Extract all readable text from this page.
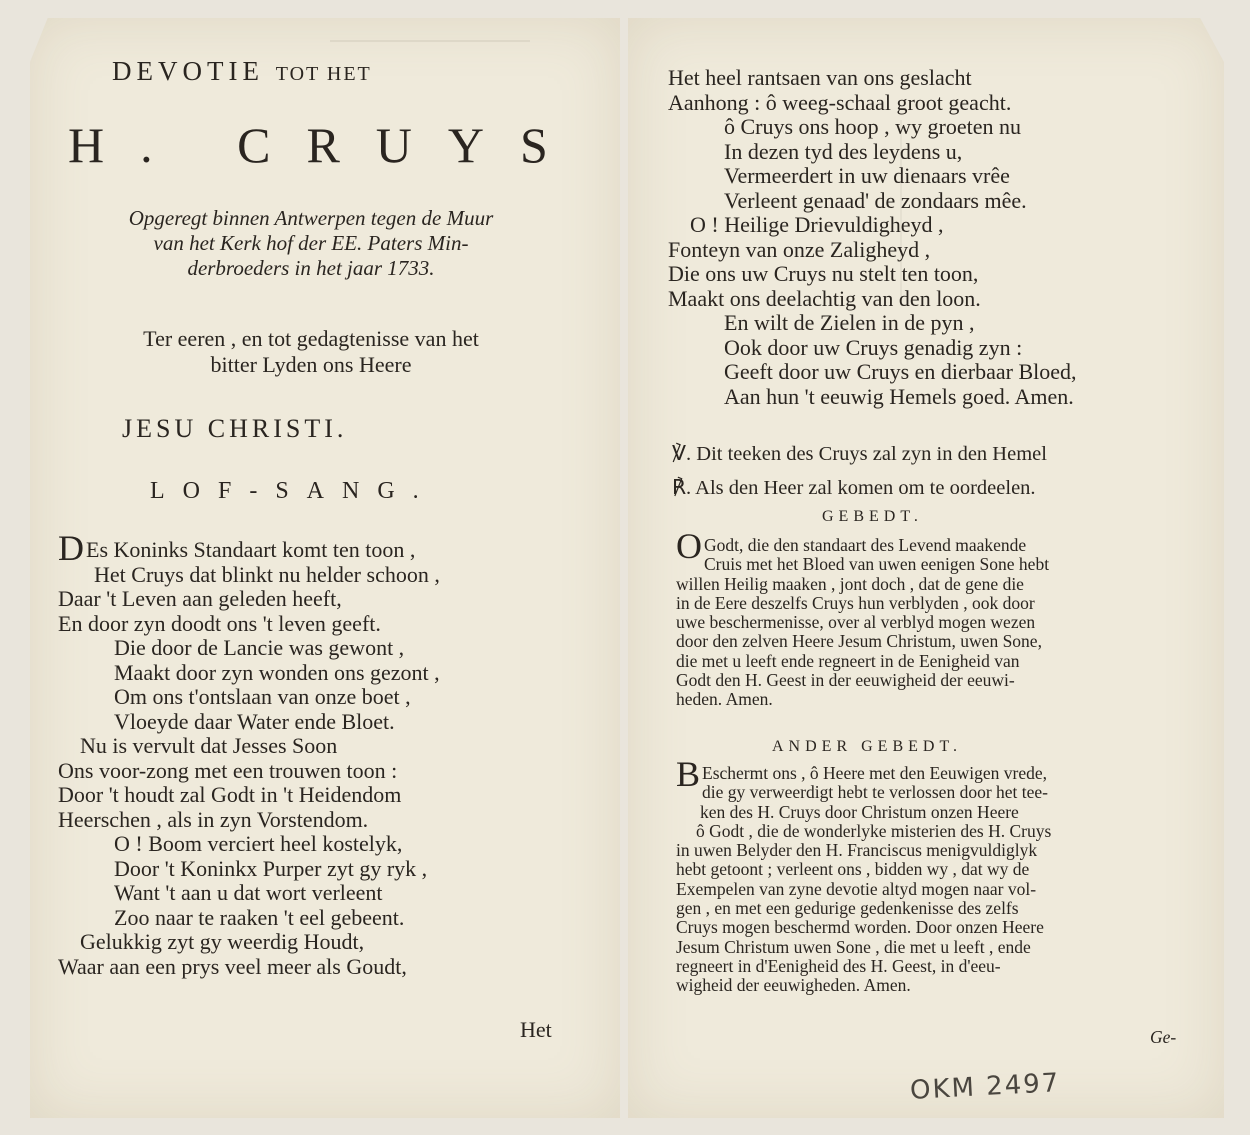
DEVOTIE TOT HET
H. CRUYS
Opgeregt binnen Antwerpen tegen de Muur
van het Kerk hof der EE. Paters Min-
derbroeders in het jaar 1733.
Ter eeren , en tot gedagtenisse van het
bitter Lyden ons Heere
JESU CHRISTI.
LOF-SANG.
D Es Koninks Standaart komt ten toon ,
Het Cruys dat blinkt nu helder schoon ,
Daar 't Leven aan geleden heeft,
En door zyn doodt ons 't leven geeft.
Die door de Lancie was gewont ,
Maakt door zyn wonden ons gezont ,
Om ons t'ontslaan van onze boet ,
Vloeyde daar Water ende Bloet.
Nu is vervult dat Jesses Soon
Ons voor-zong met een trouwen toon :
Door 't houdt zal Godt in 't Heidendom
Heerschen , als in zyn Vorstendom.
O ! Boom verciert heel kostelyk,
Door 't Koninkx Purper zyt gy ryk ,
Want 't aan u dat wort verleent
Zoo naar te raaken 't eel gebeent.
Gelukkig zyt gy weerdig Houdt,
Waar aan een prys veel meer als Goudt,
Het
Het heel rantsaen van ons geslacht
Aanhong : ô weeg-schaal groot geacht.
ô Cruys ons hoop , wy groeten nu
In dezen tyd des leydens u,
Vermeerdert in uw dienaars vrêe
Verleent genaad' de zondaars mêe.
O ! Heilige Drievuldigheyd ,
Fonteyn van onze Zaligheyd ,
Die ons uw Cruys nu stelt ten toon,
Maakt ons deelachtig van den loon.
En wilt de Zielen in de pyn ,
Ook door uw Cruys genadig zyn :
Geeft door uw Cruys en dierbaar Bloed,
Aan hun 't eeuwig Hemels goed. Amen.
℣. Dit teeken des Cruys zal zyn in den Hemel
℟. Als den Heer zal komen om te oordeelen.
GEBEDT.
O Godt, die den standaart des Levend maakende
Cruis met het Bloed van uwen eenigen Sone hebt
willen Heilig maaken , jont doch , dat de gene die
in de Eere deszelfs Cruys hun verblyden , ook door
uwe beschermenisse, over al verblyd mogen wezen
door den zelven Heere Jesum Christum, uwen Sone,
die met u leeft ende regneert in de Eenigheid van
Godt den H. Geest in der eeuwigheid der eeuwi-
heden. Amen.
ANDER GEBEDT.
B Eschermt ons , ô Heere met den Eeuwigen vrede,
die gy verweerdigt hebt te verlossen door het tee-
ken des H. Cruys door Christum onzen Heere
ô Godt , die de wonderlyke misterien des H. Cruys
in uwen Belyder den H. Franciscus menigvuldiglyk
hebt getoont ; verleent ons , bidden wy , dat wy de
Exempelen van zyne devotie altyd mogen naar vol-
gen , en met een gedurige gedenkenisse des zelfs
Cruys mogen beschermd worden. Door onzen Heere
Jesum Christum uwen Sone , die met u leeft , ende
regneert in d'Eenigheid des H. Geest, in d'eeu-
wigheid der eeuwigheden. Amen.
Ge-
OKM 2497
